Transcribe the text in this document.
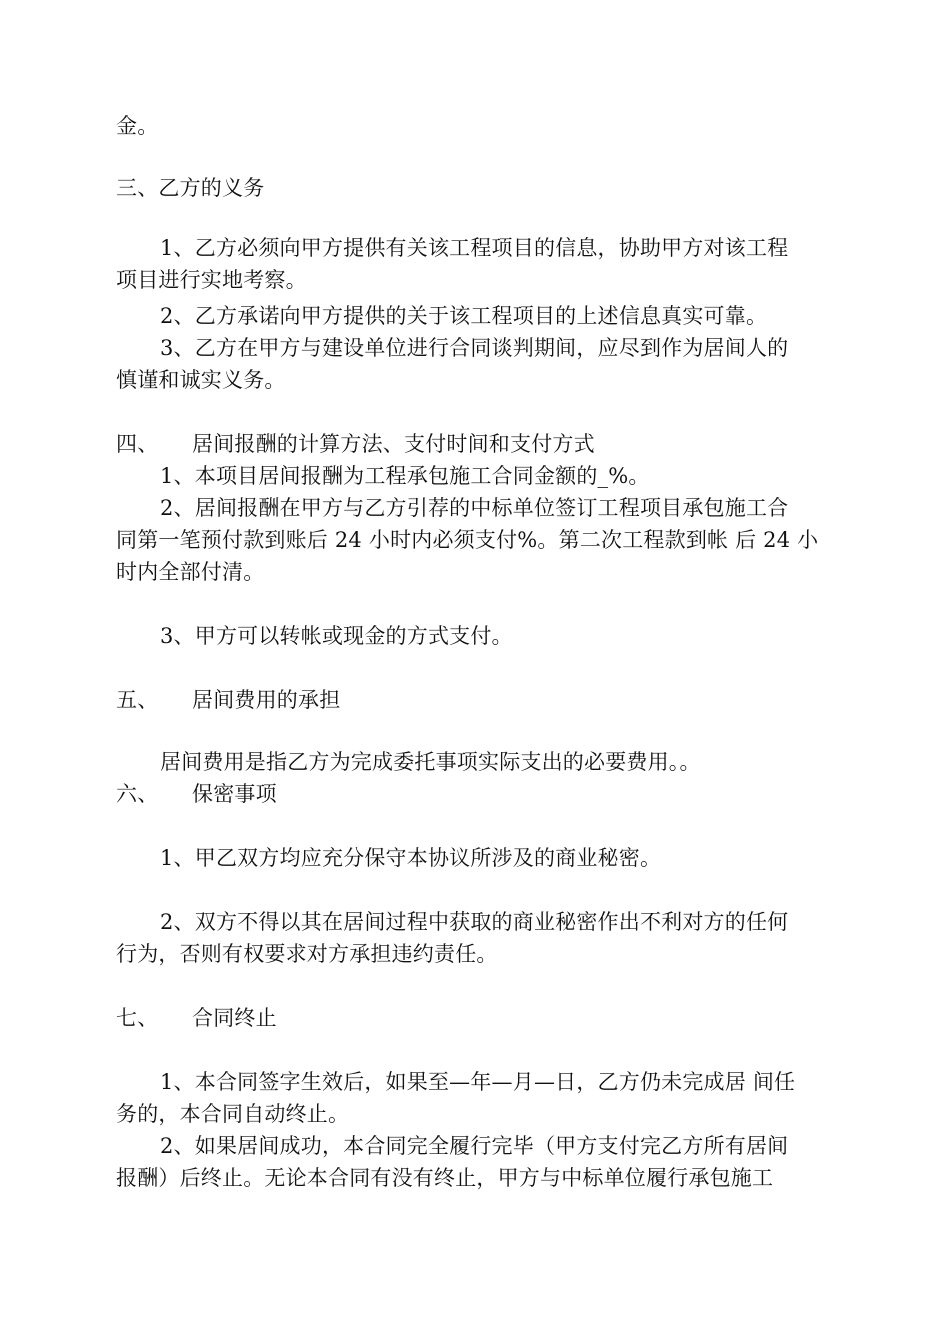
金。
三、乙方的义务
1、乙方必须向甲方提供有关该工程项目的信息，协助甲方对该工程
项目进行实地考察。
2、乙方承诺向甲方提供的关于该工程项目的上述信息真实可靠。
3、乙方在甲方与建设单位进行合同谈判期间，应尽到作为居间人的
慎谨和诚实义务。
四、 居间报酬的计算方法、支付时间和支付方式
1、本项目居间报酬为工程承包施工合同金额的_%。
2、居间报酬在甲方与乙方引荐的中标单位签订工程项目承包施工合
同第一笔预付款到账后 24 小时内必须支付%。第二次工程款到帐 后 24 小
时内全部付清。
3、甲方可以转帐或现金的方式支付。
五、 居间费用的承担
居间费用是指乙方为完成委托事项实际支出的必要费用。。
六、 保密事项
1、甲乙双方均应充分保守本协议所涉及的商业秘密。
2、双方不得以其在居间过程中获取的商业秘密作出不利对方的任何
行为，否则有权要求对方承担违约责任。
七、 合同终止
1、本合同签字生效后，如果至—年—月—日，乙方仍未完成居 间任
务的，本合同自动终止。
2、如果居间成功，本合同完全履行完毕（甲方支付完乙方所有居间
报酬）后终止。无论本合同有没有终止，甲方与中标单位履行承包施工
